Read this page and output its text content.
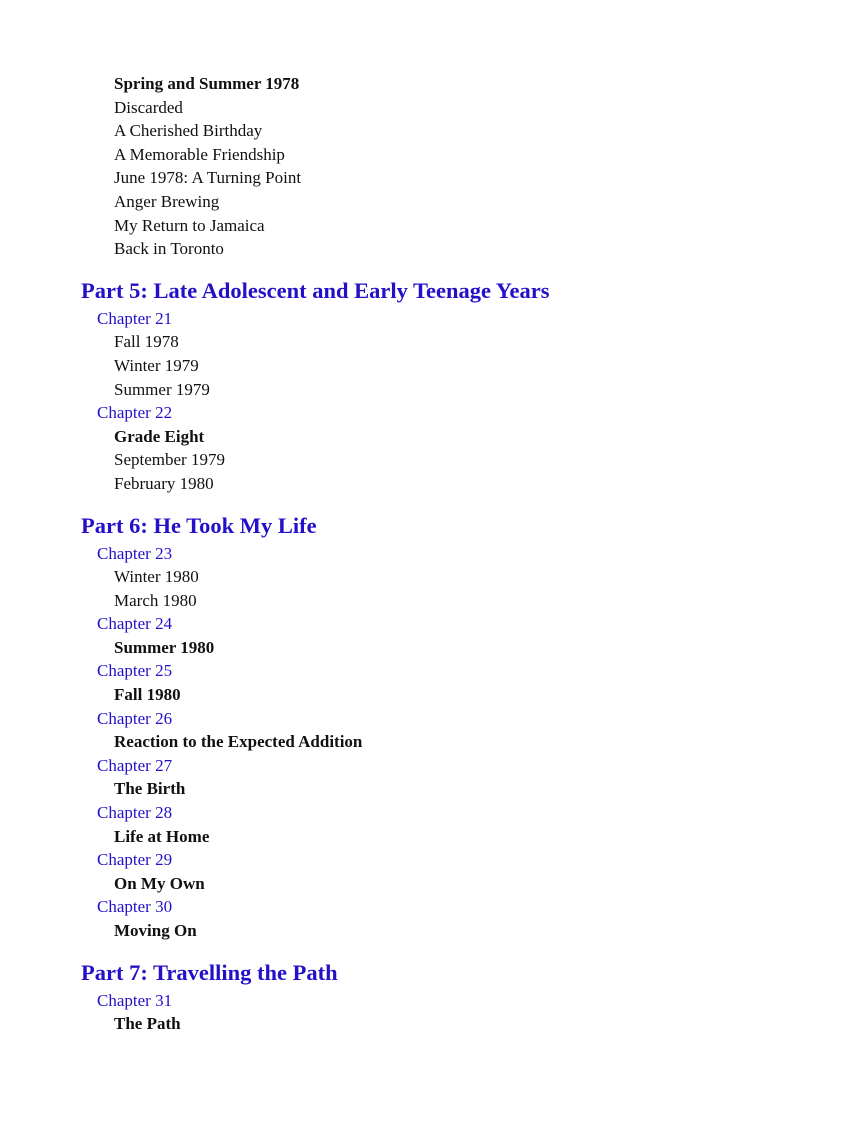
Spring and Summer 1978
Discarded
A Cherished Birthday
A Memorable Friendship
June 1978: A Turning Point
Anger Brewing
My Return to Jamaica
Back in Toronto
Part 5: Late Adolescent and Early Teenage Years
Chapter 21
Fall 1978
Winter 1979
Summer 1979
Chapter 22
Grade Eight
September 1979
February 1980
Part 6: He Took My Life
Chapter 23
Winter 1980
March 1980
Chapter 24
Summer 1980
Chapter 25
Fall 1980
Chapter 26
Reaction to the Expected Addition
Chapter 27
The Birth
Chapter 28
Life at Home
Chapter 29
On My Own
Chapter 30
Moving On
Part 7: Travelling the Path
Chapter 31
The Path
